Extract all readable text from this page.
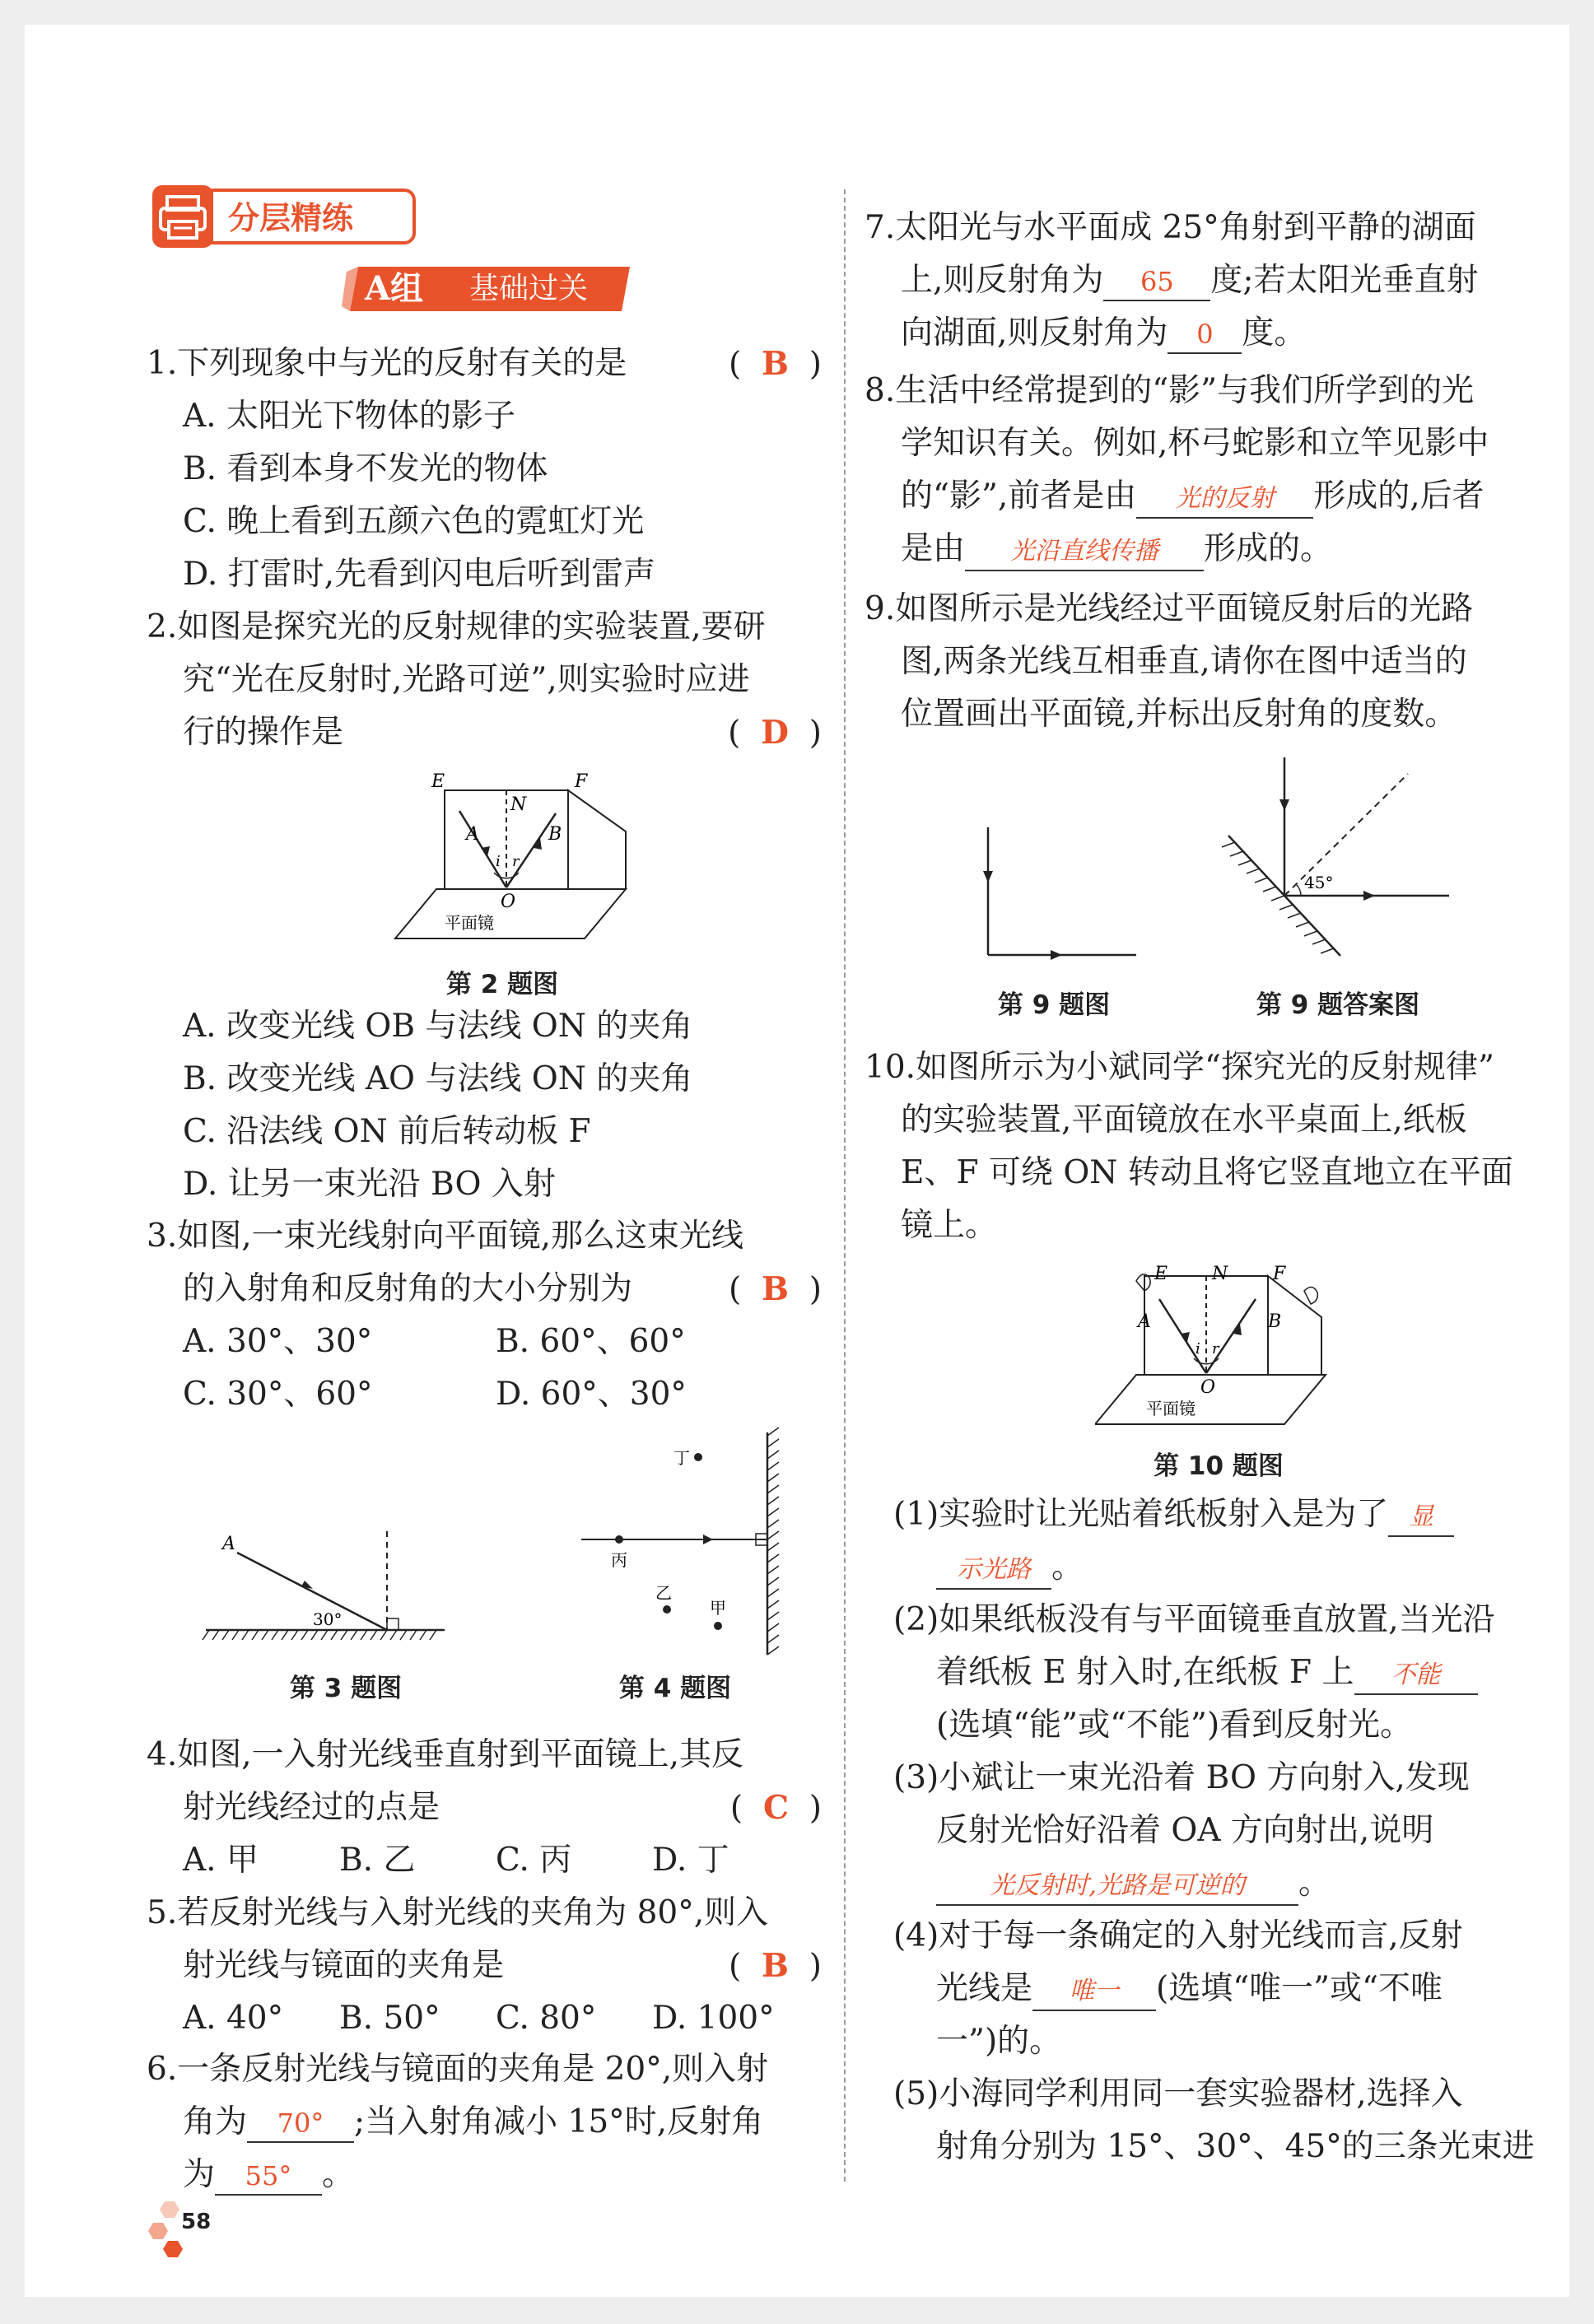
分层精练
A组 基础过关
1.下列现象中与光的反射有关的是	(  B  )
A. 太阳光下物体的影子
B. 看到本身不发光的物体
C. 晚上看到五颜六色的霓虹灯光
D. 打雷时,先看到闪电后听到雷声
2.如图是探究光的反射规律的实验装置,要研
究“光在反射时,光路可逆”,则实验时应进
行的操作是	(  D  )
E	F
N
A	B
i r
O
平面镜
第 2 题图
A. 改变光线 OB 与法线 ON 的夹角
B. 改变光线 AO 与法线 ON 的夹角
C. 沿法线 ON 前后转动板 F
D. 让另一束光沿 BO 入射
3.如图,一束光线射向平面镜,那么这束光线
的入射角和反射角的大小分别为	(  B  )
A. 30°、30°	B. 60°、60°
C. 30°、60°	D. 60°、30°
A
30°
第 3 题图
丁
丙
乙
甲
第 4 题图
4.如图,一入射光线垂直射到平面镜上,其反
射光线经过的点是	(  C  )
A. 甲	B. 乙	C. 丙	D. 丁
5.若反射光线与入射光线的夹角为 80°,则入
射光线与镜面的夹角是	(  B  )
A. 40° B. 50° C. 80° D. 100°
6.一条反射光线与镜面的夹角是 20°,则入射
角为 70° ;当入射角减小 15°时,反射角
为 55° 。
58
7.太阳光与水平面成 25°角射到平静的湖面
上,则反射角为 65 度;若太阳光垂直射
向湖面,则反射角为 0 度。
8.生活中经常提到的“影”与我们所学到的光
学知识有关。例如,杯弓蛇影和立竿见影中
的“影”,前者是由 光的反射 形成的,后者
是由 光沿直线传播 形成的。
9.如图所示是光线经过平面镜反射后的光路
图,两条光线互相垂直,请你在图中适当的
位置画出平面镜,并标出反射角的度数。
第 9 题图
45°
第 9 题答案图
10.如图所示为小斌同学“探究光的反射规律”
的实验装置,平面镜放在水平桌面上,纸板
E、F 可绕 ON 转动且将它竖直地立在平面
镜上。
E	F
N
A	B
i r
O
平面镜
第 10 题图
(1)实验时让光贴着纸板射入是为了 显
示光路 。
(2)如果纸板没有与平面镜垂直放置,当光沿
着纸板 E 射入时,在纸板 F 上 不能
(选填“能”或“不能”)看到反射光。
(3)小斌让一束光沿着 BO 方向射入,发现
反射光恰好沿着 OA 方向射出,说明
光反射时,光路是可逆的 。
(4)对于每一条确定的入射光线而言,反射
光线是 唯一 (选填“唯一”或“不唯
一”)的。
(5)小海同学利用同一套实验器材,选择入
射角分别为 15°、30°、45°的三条光束进
